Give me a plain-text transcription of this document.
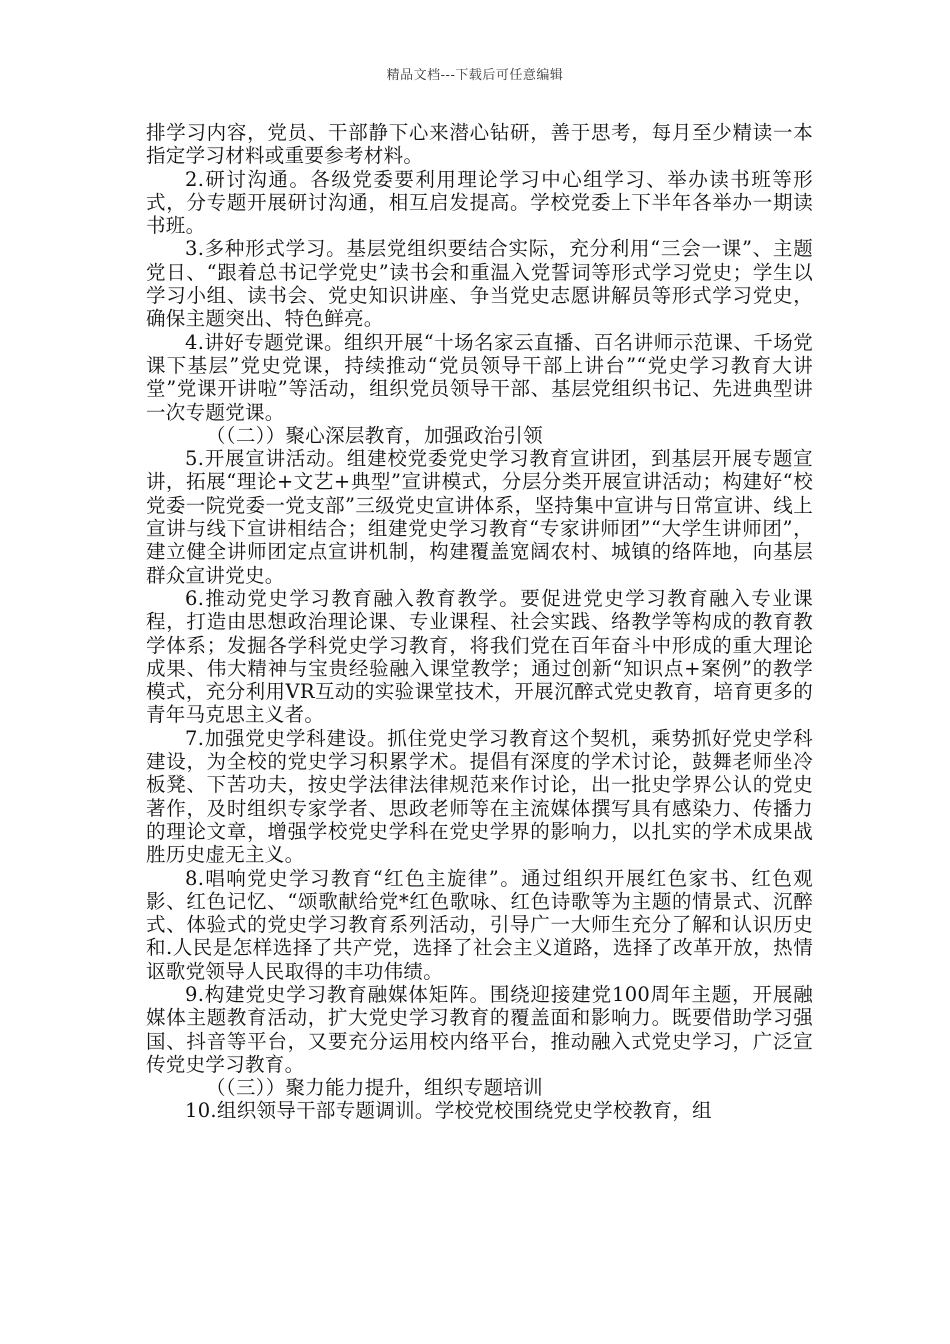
精品文档---下载后可任意编辑

排学习内容，党员、干部静下心来潜心钻研，善于思考，每月至少精读一本指定学习材料或重要参考材料。

2.研讨沟通。各级党委要利用理论学习中心组学习、举办读书班等形式，分专题开展研讨沟通，相互启发提高。学校党委上下半年各举办一期读书班。

3.多种形式学习。基层党组织要结合实际，充分利用“三会一课”、主题党日、“跟着总书记学党史”读书会和重温入党誓词等形式学习党史；学生以学习小组、读书会、党史知识讲座、争当党史志愿讲解员等形式学习党史，确保主题突出、特色鲜亮。

4.讲好专题党课。组织开展“十场名家云直播、百名讲师示范课、千场党课下基层”党史党课，持续推动“党员领导干部上讲台”“党史学习教育大讲堂”党课开讲啦”等活动，组织党员领导干部、基层党组织书记、先进典型讲一次专题党课。

（（二））聚心深层教育，加强政治引领

5.开展宣讲活动。组建校党委党史学习教育宣讲团，到基层开展专题宣讲，拓展“理论+文艺+典型”宣讲模式，分层分类开展宣讲活动；构建好“校党委一院党委一党支部”三级党史宣讲体系，坚持集中宣讲与日常宣讲、线上宣讲与线下宣讲相结合；组建党史学习教育“专家讲师团”“大学生讲师团”，建立健全讲师团定点宣讲机制，构建覆盖宽阔农村、城镇的络阵地，向基层群众宣讲党史。

6.推动党史学习教育融入教育教学。要促进党史学习教育融入专业课程，打造由思想政治理论课、专业课程、社会实践、络教学等构成的教育教学体系；发掘各学科党史学习教育，将我们党在百年奋斗中形成的重大理论成果、伟大精神与宝贵经验融入课堂教学；通过创新“知识点+案例”的教学模式，充分利用VR互动的实验课堂技术，开展沉醉式党史教育，培育更多的青年马克思主义者。

7.加强党史学科建设。抓住党史学习教育这个契机，乘势抓好党史学科建设，为全校的党史学习积累学术。提倡有深度的学术讨论，鼓舞老师坐冷板凳、下苦功夫，按史学法律法律规范来作讨论，出一批史学界公认的党史著作，及时组织专家学者、思政老师等在主流媒体撰写具有感染力、传播力的理论文章，增强学校党史学科在党史学界的影响力，以扎实的学术成果战胜历史虚无主义。

8.唱响党史学习教育“红色主旋律”。通过组织开展红色家书、红色观影、红色记忆、“颂歌献给党*红色歌咏、红色诗歌等为主题的情景式、沉醉式、体验式的党史学习教育系列活动，引导广一大师生充分了解和认识历史和.人民是怎样选择了共产党，选择了社会主义道路，选择了改革开放，热情讴歌党领导人民取得的丰功伟绩。

9.构建党史学习教育融媒体矩阵。围绕迎接建党100周年主题，开展融媒体主题教育活动，扩大党史学习教育的覆盖面和影响力。既要借助学习强国、抖音等平台，又要充分运用校内络平台，推动融入式党史学习，广泛宣传党史学习教育。

（（三））聚力能力提升，组织专题培训

10.组织领导干部专题调训。学校党校围绕党史学校教育，组
